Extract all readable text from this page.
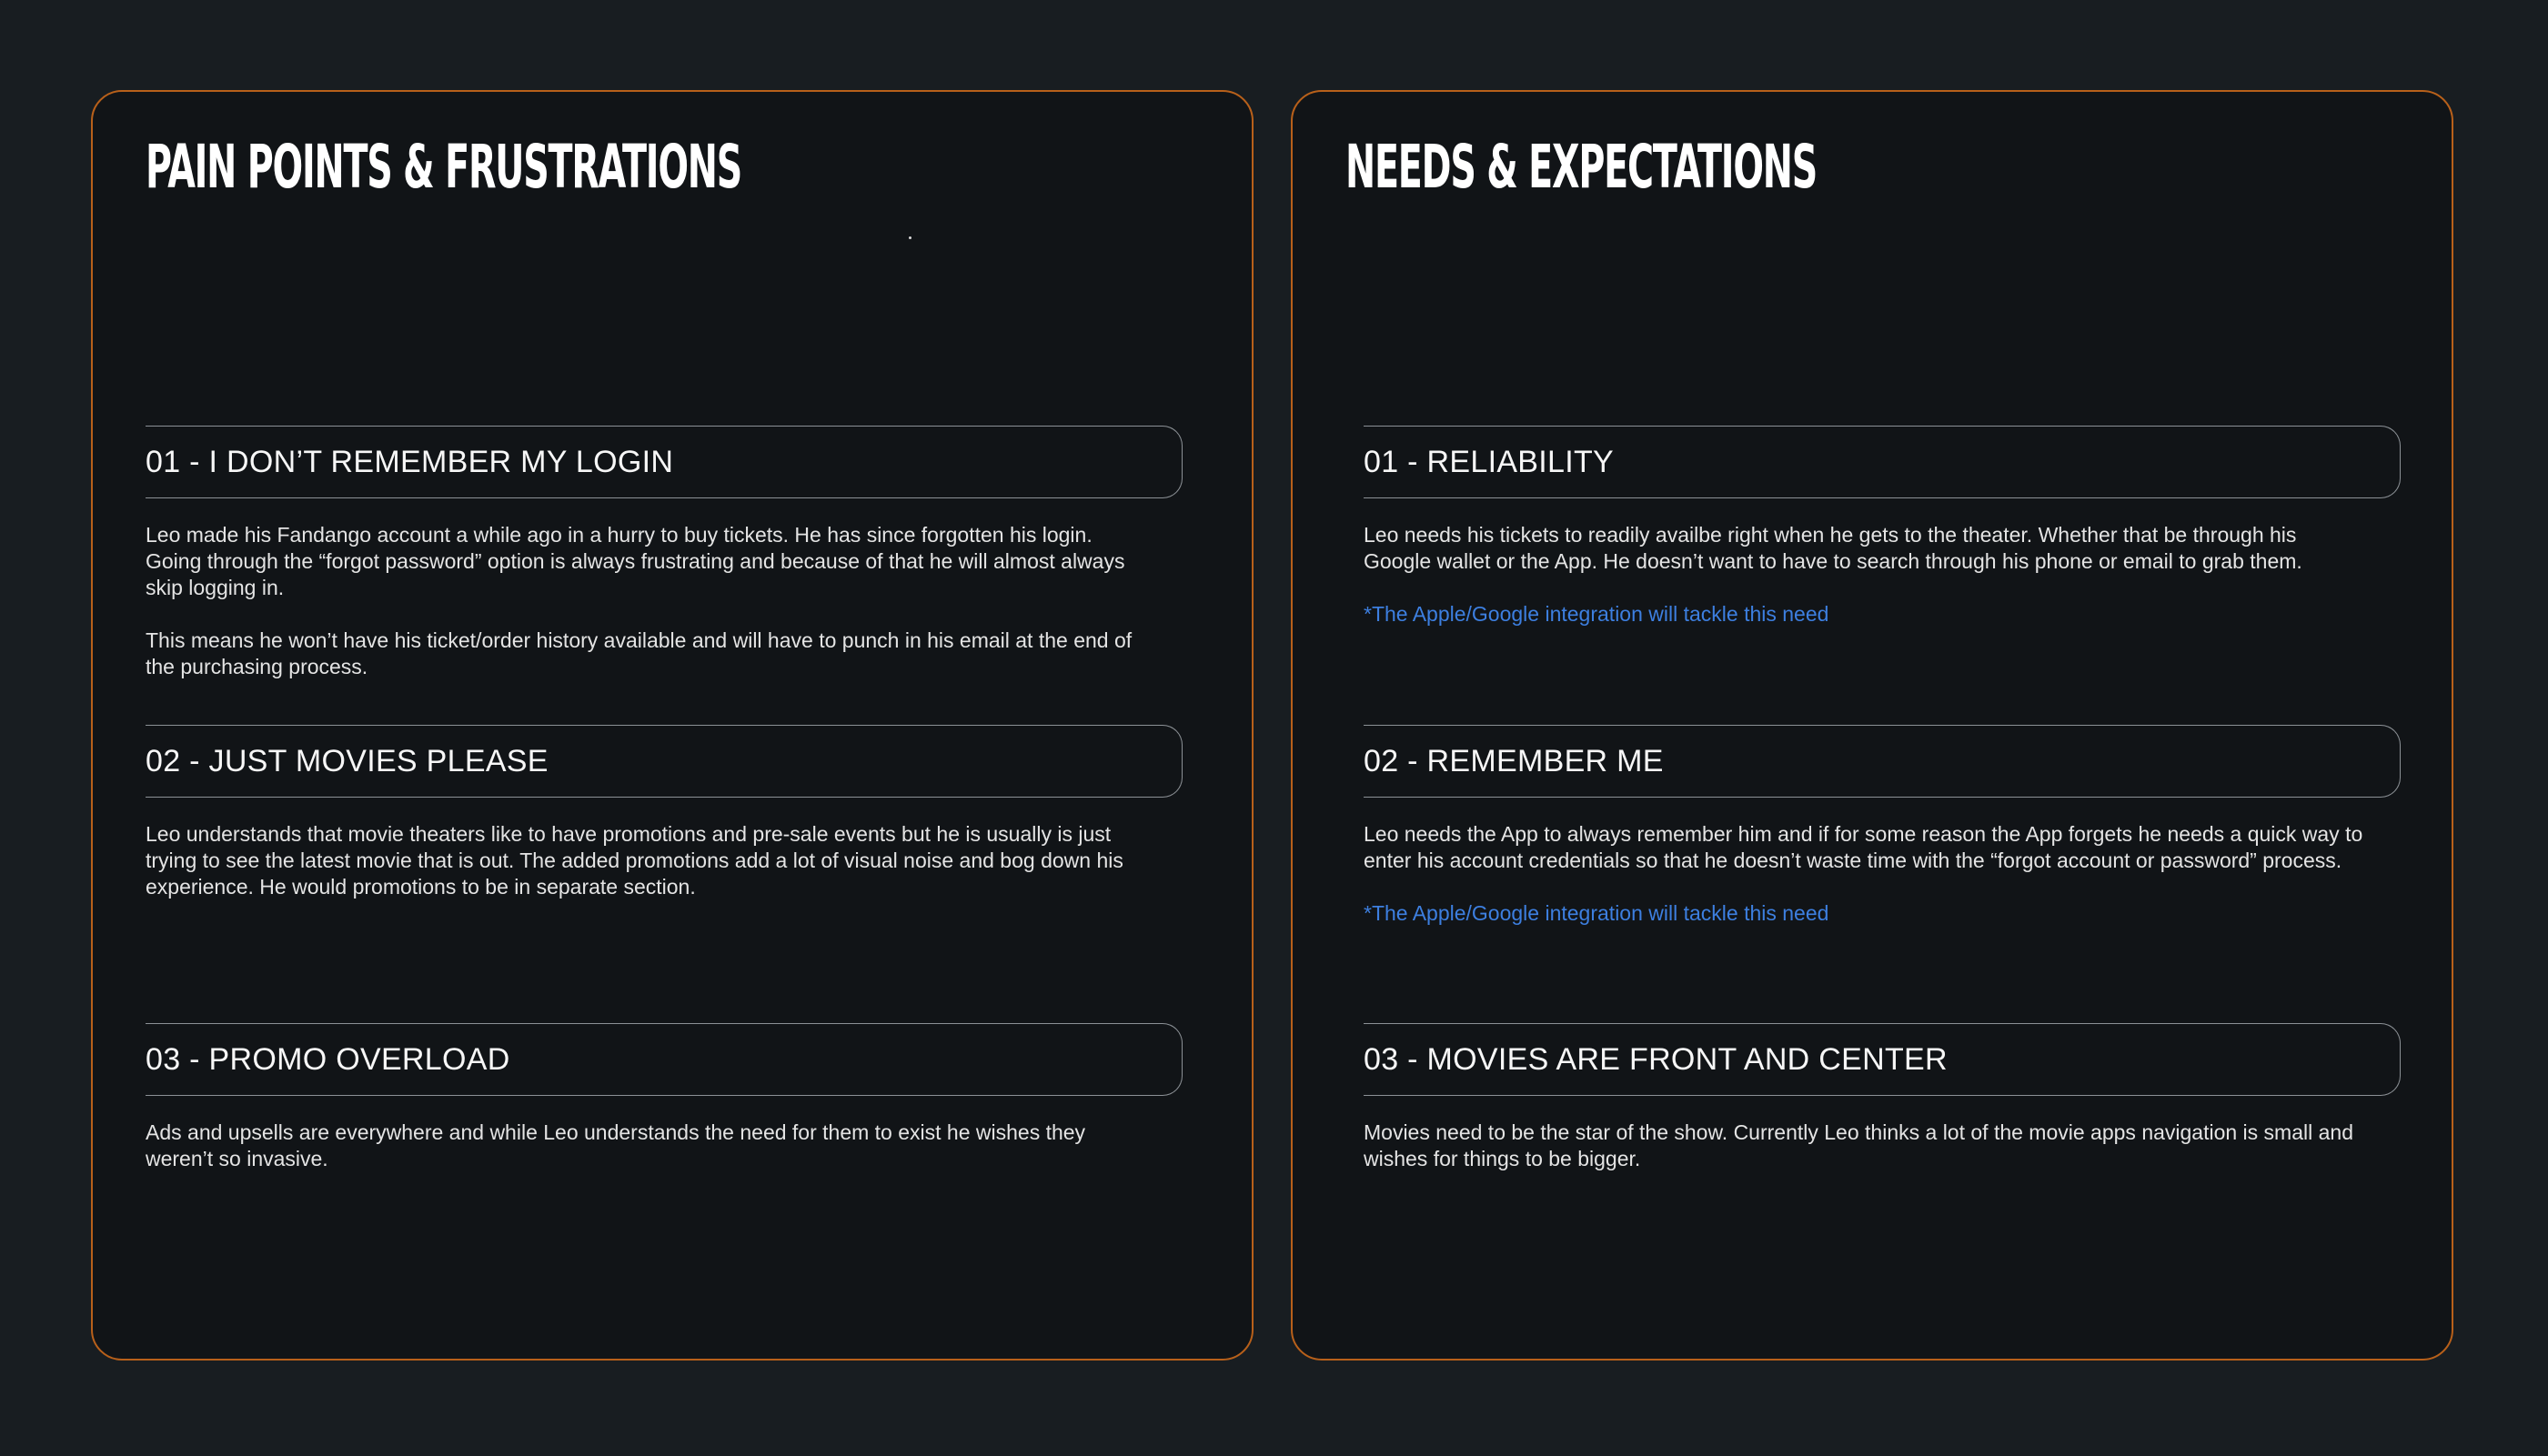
PAIN POINTS & FRUSTRATIONS
01 - I DON’T REMEMBER MY LOGIN

Leo made his Fandango account a while ago in a hurry to buy tickets. He has since forgotten his login. Going through the “forgot password” option is always frustrating and because of that he will almost always skip logging in.

This means he won’t have his ticket/order history available and will have to punch in his email at the end of the purchasing process.

02 - JUST MOVIES PLEASE

Leo understands that movie theaters like to have promotions and pre-sale events but he is usually is just trying to see the latest movie that is out. The added promotions add a lot of visual noise and bog down his experience. He would promotions to be in separate section.

03 - PROMO OVERLOAD

Ads and upsells are everywhere and while Leo understands the need for them to exist he wishes they weren’t so invasive.

NEEDS & EXPECTATIONS
01 - RELIABILITY

Leo needs his tickets to readily availbe right when he gets to the theater. Whether that be through his Google wallet or the App. He doesn’t want to have to search through his phone or email to grab them.

*The Apple/Google integration will tackle this need

02 - REMEMBER ME

Leo needs the App to always remember him and if for some reason the App forgets he needs a quick way to enter his account credentials so that he doesn’t waste time with the “forgot account or password” process.

*The Apple/Google integration will tackle this need

03 - MOVIES ARE FRONT AND CENTER

Movies need to be the star of the show. Currently Leo thinks a lot of the movie apps navigation is small and wishes for things to be bigger.
